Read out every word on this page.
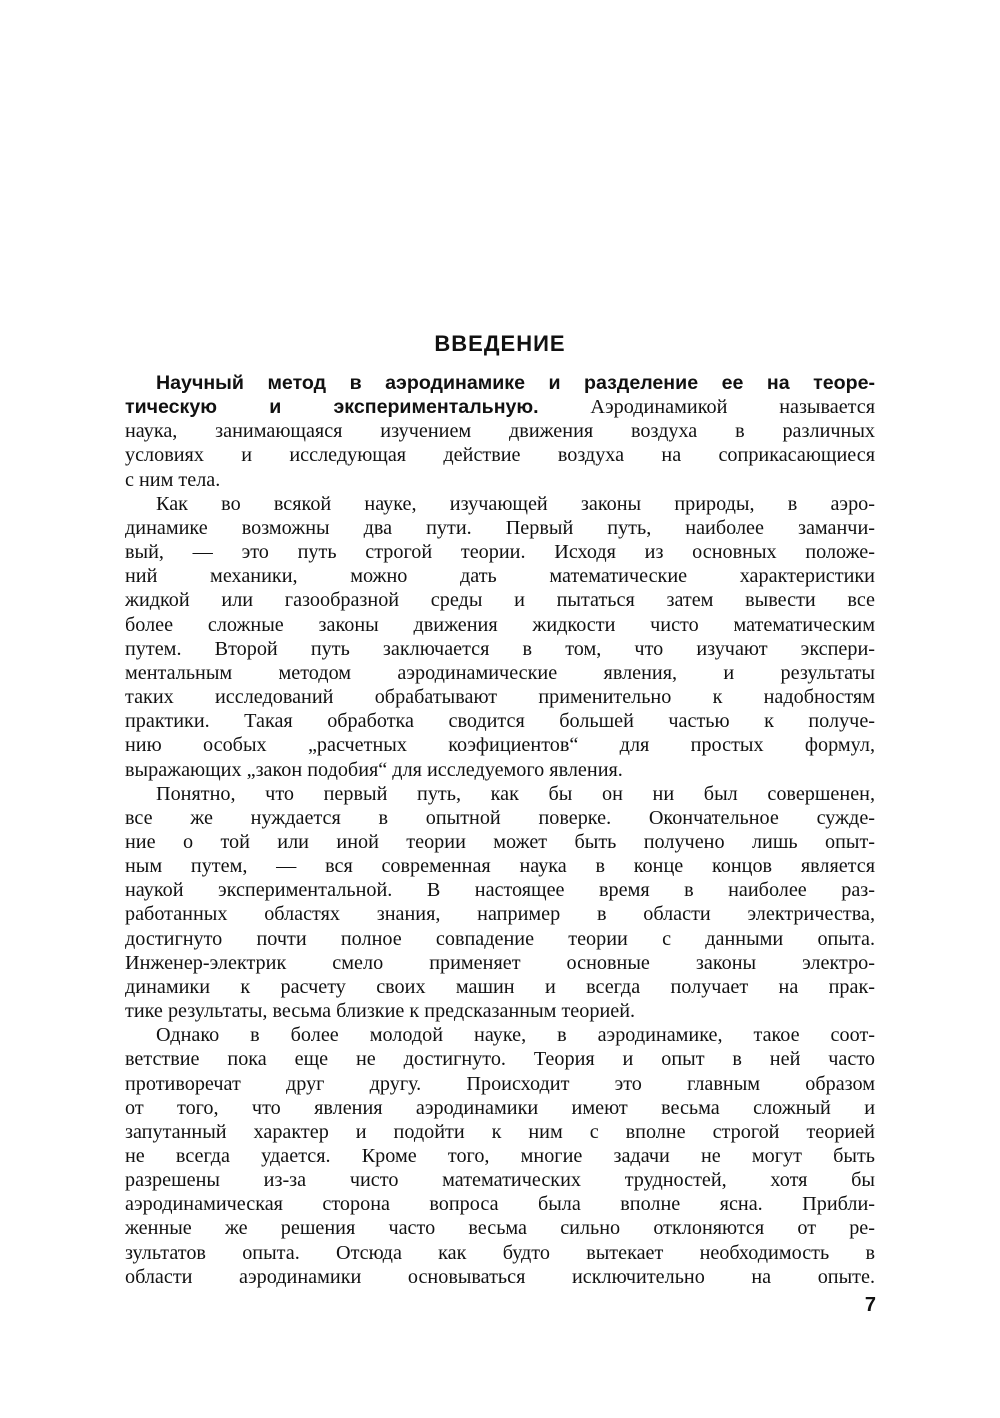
ВВЕДЕНИЕ

Научный метод в аэродинамике и разделение ее на теоре-
тическую и экспериментальную. Аэродинамикой называется
наука, занимающаяся изучением движения воздуха в различных
условиях и исследующая действие воздуха на соприкасающиеся
с ним тела.

Как во всякой науке, изучающей законы природы, в аэро-
динамике возможны два пути. Первый путь, наиболее заманчи-
вый, — это путь строгой теории. Исходя из основных положе-
ний механики, можно дать математические характеристики
жидкой или газообразной среды и пытаться затем вывести все
более сложные законы движения жидкости чисто математическим
путем. Второй путь заключается в том, что изучают экспери-
ментальным методом аэродинамические явления, и результаты
таких исследований обрабатывают применительно к надобностям
практики. Такая обработка сводится большей частью к получе-
нию особых „расчетных коэфициентов“ для простых формул,
выражающих „закон подобия“ для исследуемого явления.

Понятно, что первый путь, как бы он ни был совершенен,
все же нуждается в опытной поверке. Окончательное сужде-
ние о той или иной теории может быть получено лишь опыт-
ным путем, — вся современная наука в конце концов является
наукой экспериментальной. В настоящее время в наиболее раз-
работанных областях знания, например в области электричества,
достигнуто почти полное совпадение теории с данными опыта.
Инженер-электрик смело применяет основные законы электро-
динамики к расчету своих машин и всегда получает на прак-
тике результаты, весьма близкие к предсказанным теорией.

Однако в более молодой науке, в аэродинамике, такое соот-
ветствие пока еще не достигнуто. Теория и опыт в ней часто
противоречат друг другу. Происходит это главным образом
от того, что явления аэродинамики имеют весьма сложный и
запутанный характер и подойти к ним с вполне строгой теорией
не всегда удается. Кроме того, многие задачи не могут быть
разрешены из-за чисто математических трудностей, хотя бы
аэродинамическая сторона вопроса была вполне ясна. Прибли-
женные же решения часто весьма сильно отклоняются от ре-
зультатов опыта. Отсюда как будто вытекает необходимость в
области аэродинамики основываться исключительно на опыте.

7
